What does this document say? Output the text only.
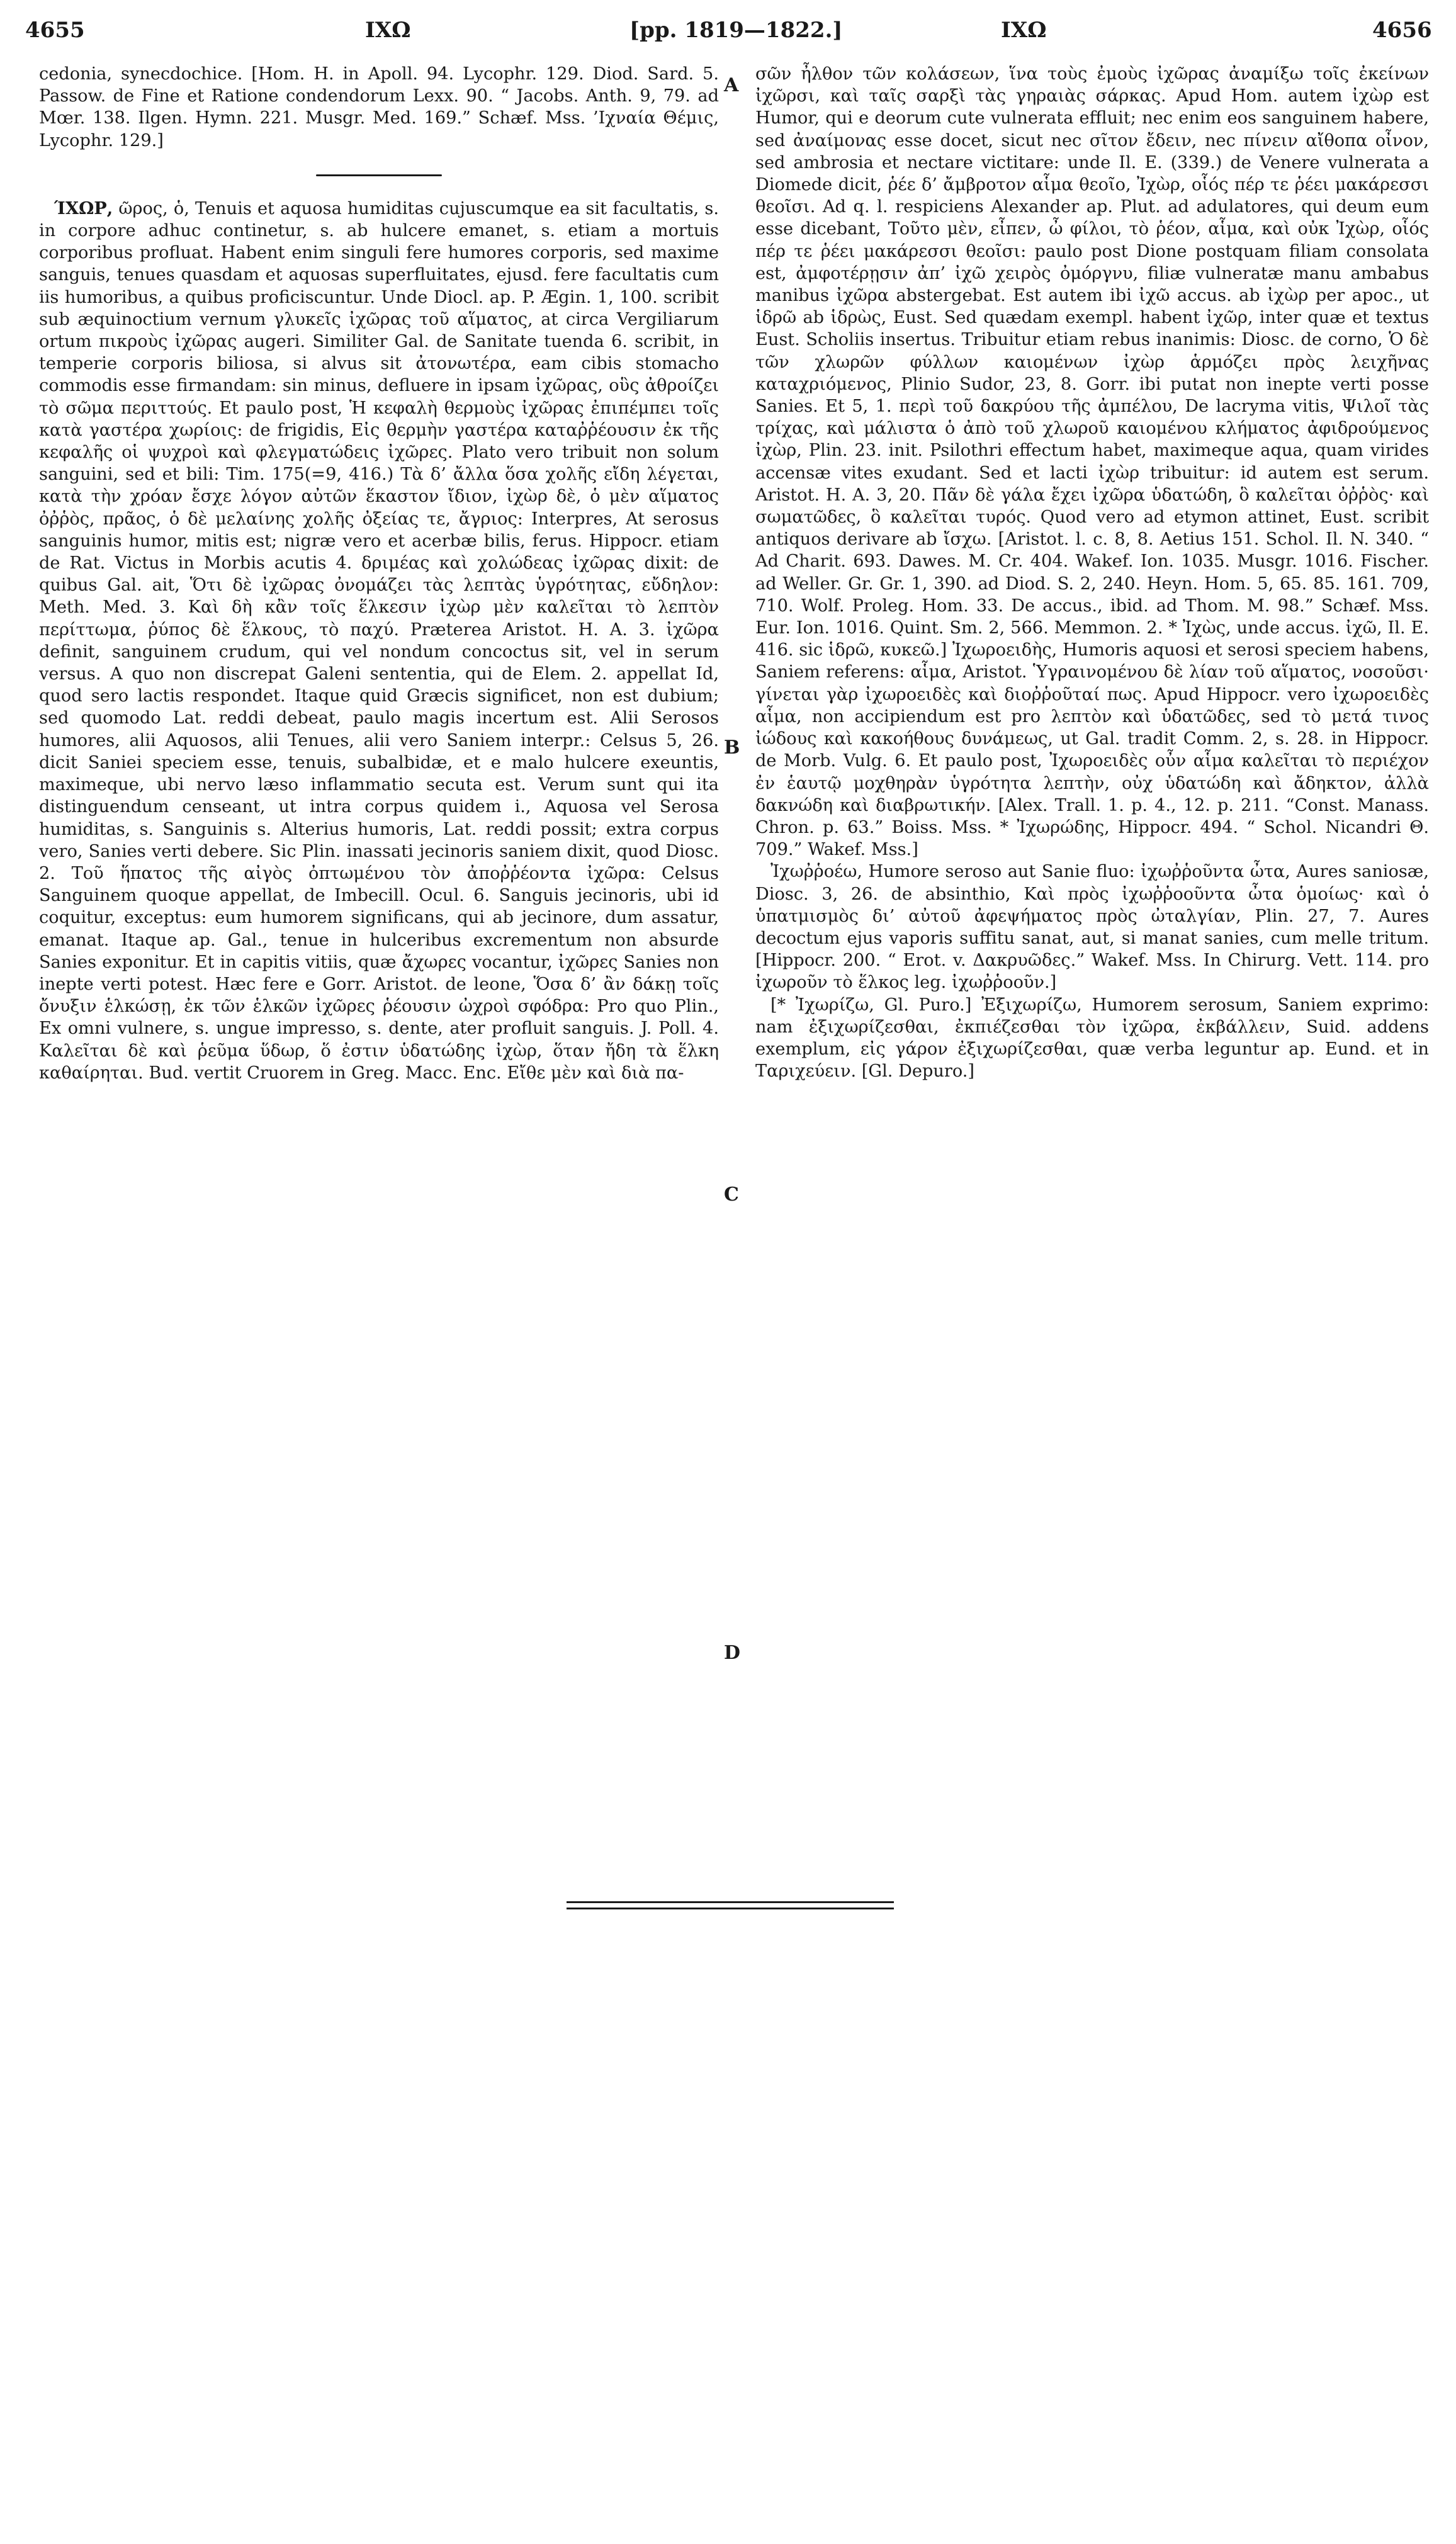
4655	ΙΧΩ	[pp. 1819—1822.]	ΙΧΩ	4656
A
B
C
D

cedonia, synecdochice. [Hom. H. in Apoll. 94. Lycophr. 129. Diod. Sard. 5. Passow. de Fine et Ratione condendorum Lexx. 90. “ Jacobs. Anth. 9, 79. ad Mœr. 138. Ilgen. Hymn. 221. Musgr. Med. 169.” Schæf. Mss. ’Ιχναία Θέμις, Lycophr. 129.]

ΊΧΩΡ, ῶρος, ὁ, Tenuis et aquosa humiditas cujuscumque ea sit facultatis, s. in corpore adhuc continetur, s. ab hulcere emanet, s. etiam a mortuis corporibus profluat. Habent enim singuli fere humores corporis, sed maxime sanguis, tenues quasdam et aquosas superfluitates, ejusd. fere facultatis cum iis humoribus, a quibus proficiscuntur. Unde Diocl. ap. P. Ægin. 1, 100. scribit sub æquinoctium vernum γλυκεῖς ἰχῶρας τοῦ αἵματος, at circa Vergiliarum ortum πικροὺς ἰχῶρας augeri. Similiter Gal. de Sanitate tuenda 6. scribit, in temperie corporis biliosa, si alvus sit ἀτονωτέρα, eam cibis stomacho commodis esse firmandam: sin minus, defluere in ipsam ἰχῶρας, οὓς ἀθροίζει τὸ σῶμα περιττούς. Et paulo post, Ἡ κεφαλὴ θερμοὺς ἰχῶρας ἐπιπέμπει τοῖς κατὰ γαστέρα χωρίοις: de frigidis, Εἰς θερμὴν γαστέρα καταῤῥέουσιν ἐκ τῆς κεφαλῆς οἱ ψυχροὶ καὶ φλεγματώδεις ἰχῶρες. Plato vero tribuit non solum sanguini, sed et bili: Tim. 175(=9, 416.) Τὰ δ’ ἄλλα ὅσα χολῆς εἴδη λέγεται, κατὰ τὴν χρόαν ἔσχε λόγον αὐτῶν ἕκαστον ἴδιον, ἰχὼρ δὲ, ὁ μὲν αἵματος ὀῤῥὸς, πρᾶος, ὁ δὲ μελαίνης χολῆς ὀξείας τε, ἄγριος: Interpres, At serosus sanguinis humor, mitis est; nigræ vero et acerbæ bilis, ferus. Hippocr. etiam de Rat. Victus in Morbis acutis 4. δριμέας καὶ χολώδεας ἰχῶρας dixit: de quibus Gal. ait, Ὅτι δὲ ἰχῶρας ὀνομάζει τὰς λεπτὰς ὑγρότητας, εὔδηλον: Meth. Med. 3. Καὶ δὴ κἂν τοῖς ἕλκεσιν ἰχὼρ μὲν καλεῖται τὸ λεπτὸν περίττωμα, ῥύπος δὲ ἕλκους, τὸ παχύ. Præterea Aristot. H. A. 3. ἰχῶρα definit, sanguinem crudum, qui vel nondum concoctus sit, vel in serum versus. A quo non discrepat Galeni sententia, qui de Elem. 2. appellat Id, quod sero lactis respondet. Itaque quid Græcis significet, non est dubium; sed quomodo Lat. reddi debeat, paulo magis incertum est. Alii Serosos humores, alii Aquosos, alii Tenues, alii vero Saniem interpr.: Celsus 5, 26. dicit Saniei speciem esse, tenuis, subalbidæ, et e malo hulcere exeuntis, maximeque, ubi nervo læso inflammatio secuta est. Verum sunt qui ita distinguendum censeant, ut intra corpus quidem i., Aquosa vel Serosa humiditas, s. Sanguinis s. Alterius humoris, Lat. reddi possit; extra corpus vero, Sanies verti debere. Sic Plin. inassati jecinoris saniem dixit, quod Diosc. 2. Τοῦ ἥπατος τῆς αἰγὸς ὀπτωμένου τὸν ἀποῤῥέοντα ἰχῶρα: Celsus Sanguinem quoque appellat, de Imbecill. Ocul. 6. Sanguis jecinoris, ubi id coquitur, exceptus: eum humorem significans, qui ab jecinore, dum assatur, emanat. Itaque ap. Gal., tenue in hulceribus excrementum non absurde Sanies exponitur. Et in capitis vitiis, quæ ἄχωρες vocantur, ἰχῶρες Sanies non inepte verti potest. Hæc fere e Gorr. Aristot. de leone, Ὅσα δ’ ἂν δάκῃ τοῖς ὄνυξιν ἑλκώσῃ, ἐκ τῶν ἑλκῶν ἰχῶρες ῥέουσιν ὠχροὶ σφόδρα: Pro quo Plin., Ex omni vulnere, s. ungue impresso, s. dente, ater profluit sanguis. J. Poll. 4. Καλεῖται δὲ καὶ ῥεῦμα ὕδωρ, ὅ ἐστιν ὑδατώδης ἰχὼρ, ὅταν ἤδη τὰ ἕλκη καθαίρηται. Bud. vertit Cruorem in Greg. Macc. Enc. Εἴθε μὲν καὶ διὰ πα-

σῶν ἦλθον τῶν κολάσεων, ἵνα τοὺς ἐμοὺς ἰχῶρας ἀναμίξω τοῖς ἐκείνων ἰχῶρσι, καὶ ταῖς σαρξὶ τὰς γηραιὰς σάρκας. Apud Hom. autem ἰχὼρ est Humor, qui e deorum cute vulnerata effluit; nec enim eos sanguinem habere, sed ἀναίμονας esse docet, sicut nec σῖτον ἔδειν, nec πίνειν αἴθοπα οἶνον, sed ambrosia et nectare victitare: unde Il. E. (339.) de Venere vulnerata a Diomede dicit, ῥέε δ’ ἄμβροτον αἷμα θεοῖο, Ἰχὼρ, οἷός πέρ τε ῥέει μακάρεσσι θεοῖσι. Ad q. l. respiciens Alexander ap. Plut. ad adulatores, qui deum eum esse dicebant, Τοῦτο μὲν, εἶπεν, ὦ φίλοι, τὸ ῥέον, αἷμα, καὶ οὐκ Ἰχὼρ, οἷός πέρ τε ῥέει μακάρεσσι θεοῖσι: paulo post Dione postquam filiam consolata est, ἀμφοτέρῃσιν ἀπ’ ἰχῶ χειρὸς ὀμόργνυ, filiæ vulneratæ manu ambabus manibus ἰχῶρα abstergebat. Est autem ibi ἰχῶ accus. ab ἰχὼρ per apoc., ut ἱδρῶ ab ἱδρὼς, Eust. Sed quædam exempl. habent ἰχῶρ, inter quæ et textus Eust. Scholiis insertus. Tribuitur etiam rebus inanimis: Diosc. de corno, Ὁ δὲ τῶν χλωρῶν φύλλων καιομένων ἰχὼρ ἁρμόζει πρὸς λειχῆνας καταχριόμενος, Plinio Sudor, 23, 8. Gorr. ibi putat non inepte verti posse Sanies. Et 5, 1. περὶ τοῦ δακρύου τῆς ἀμπέλου, De lacryma vitis, Ψιλοῖ τὰς τρίχας, καὶ μάλιστα ὁ ἀπὸ τοῦ χλωροῦ καιομένου κλήματος ἀφιδρούμενος ἰχὼρ, Plin. 23. init. Psilothri effectum habet, maximeque aqua, quam virides accensæ vites exudant. Sed et lacti ἰχὼρ tribuitur: id autem est serum. Aristot. H. A. 3, 20. Πᾶν δὲ γάλα ἔχει ἰχῶρα ὑδατώδη, ὃ καλεῖται ὀῤῥὸς· καὶ σωματῶδες, ὃ καλεῖται τυρός. Quod vero ad etymon attinet, Eust. scribit antiquos derivare ab ἴσχω. [Aristot. l. c. 8, 8. Aetius 151. Schol. Il. N. 340. “ Ad Charit. 693. Dawes. M. Cr. 404. Wakef. Ion. 1035. Musgr. 1016. Fischer. ad Weller. Gr. Gr. 1, 390. ad Diod. S. 2, 240. Heyn. Hom. 5, 65. 85. 161. 709, 710. Wolf. Proleg. Hom. 33. De accus., ibid. ad Thom. M. 98.” Schæf. Mss. Eur. Ion. 1016. Quint. Sm. 2, 566. Memmon. 2. * Ἰχὼς, unde accus. ἰχῶ, Il. E. 416. sic ἱδρῶ, κυκεῶ.] Ἰχωροειδὴς, Humoris aquosi et serosi speciem habens, Saniem referens: αἷμα, Aristot. Ὑγραινομένου δὲ λίαν τοῦ αἵματος, νοσοῦσι· γίνεται γὰρ ἰχωροειδὲς καὶ διοῤῥοῦταί πως. Apud Hippocr. vero ἰχωροειδὲς αἷμα, non accipiendum est pro λεπτὸν καὶ ὑδατῶδες, sed τὸ μετά τινος ἰώδους καὶ κακοήθους δυνάμεως, ut Gal. tradit Comm. 2, s. 28. in Hippocr. de Morb. Vulg. 6. Et paulo post, Ἰχωροειδὲς οὖν αἷμα καλεῖται τὸ περιέχον ἐν ἑαυτῷ μοχθηρὰν ὑγρότητα λεπτὴν, οὐχ ὑδατώδη καὶ ἄδηκτον, ἀλλὰ δακνώδη καὶ διαβρωτικήν. [Alex. Trall. 1. p. 4., 12. p. 211. “Const. Manass. Chron. p. 63.” Boiss. Mss. * Ἰχωρώδης, Hippocr. 494. “ Schol. Nicandri Θ. 709.” Wakef. Mss.]

Ἰχωῤῥοέω, Humore seroso aut Sanie fluo: ἰχωῤῥοῦντα ὦτα, Aures saniosæ, Diosc. 3, 26. de absinthio, Καὶ πρὸς ἰχωῤῥοοῦντα ὦτα ὁμοίως· καὶ ὁ ὑπατμισμὸς δι’ αὐτοῦ ἀφεψήματος πρὸς ὠταλγίαν, Plin. 27, 7. Aures decoctum ejus vaporis suffitu sanat, aut, si manat sanies, cum melle tritum. [Hippocr. 200. “ Erot. v. Δακρυῶδες.” Wakef. Mss. In Chirurg. Vett. 114. pro ἰχωροῦν τὸ ἕλκος leg. ἰχωῤῥοοῦν.]

[* Ἰχωρίζω, Gl. Puro.] Ἐξιχωρίζω, Humorem serosum, Saniem exprimo: nam ἐξιχωρίζεσθαι, ἐκπιέζεσθαι τὸν ἰχῶρα, ἐκβάλλειν, Suid. addens exemplum, εἰς γάρον ἐξιχωρίζεσθαι, quæ verba leguntur ap. Eund. et in Ταριχεύειν. [Gl. Depuro.]
